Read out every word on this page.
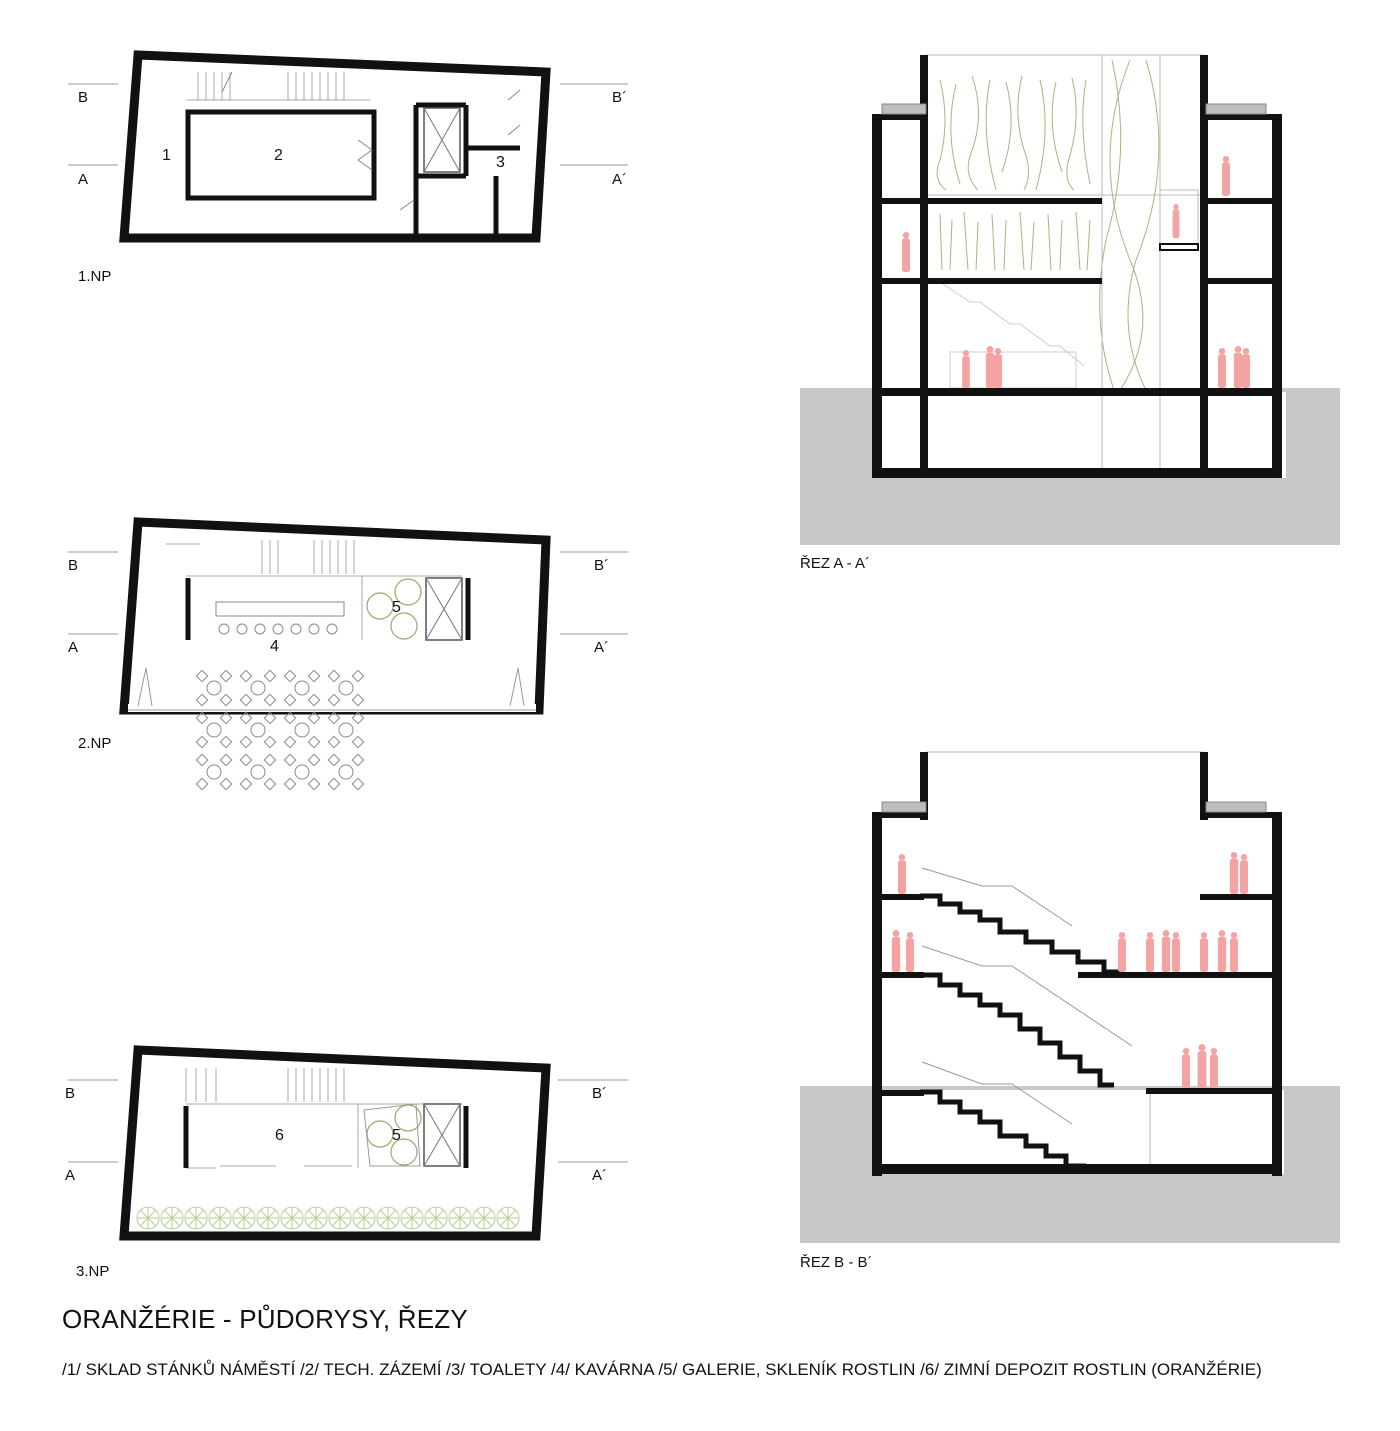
B	B´
A	A´
1	2	3
1.NP
B	B´
A	A´
5
4
2.NP
B	B´
A	A´
6	5
3.NP
ŘEZ A - A´
ŘEZ B - B´
ORANŽÉRIE - PŮDORYSY, ŘEZY
/1/ SKLAD STÁNKŮ NÁMĚSTÍ /2/ TECH. ZÁZEMÍ /3/ TOALETY /4/ KAVÁRNA /5/ GALERIE, SKLENÍK ROSTLIN /6/ ZIMNÍ DEPOZIT ROSTLIN (ORANŽÉRIE)
